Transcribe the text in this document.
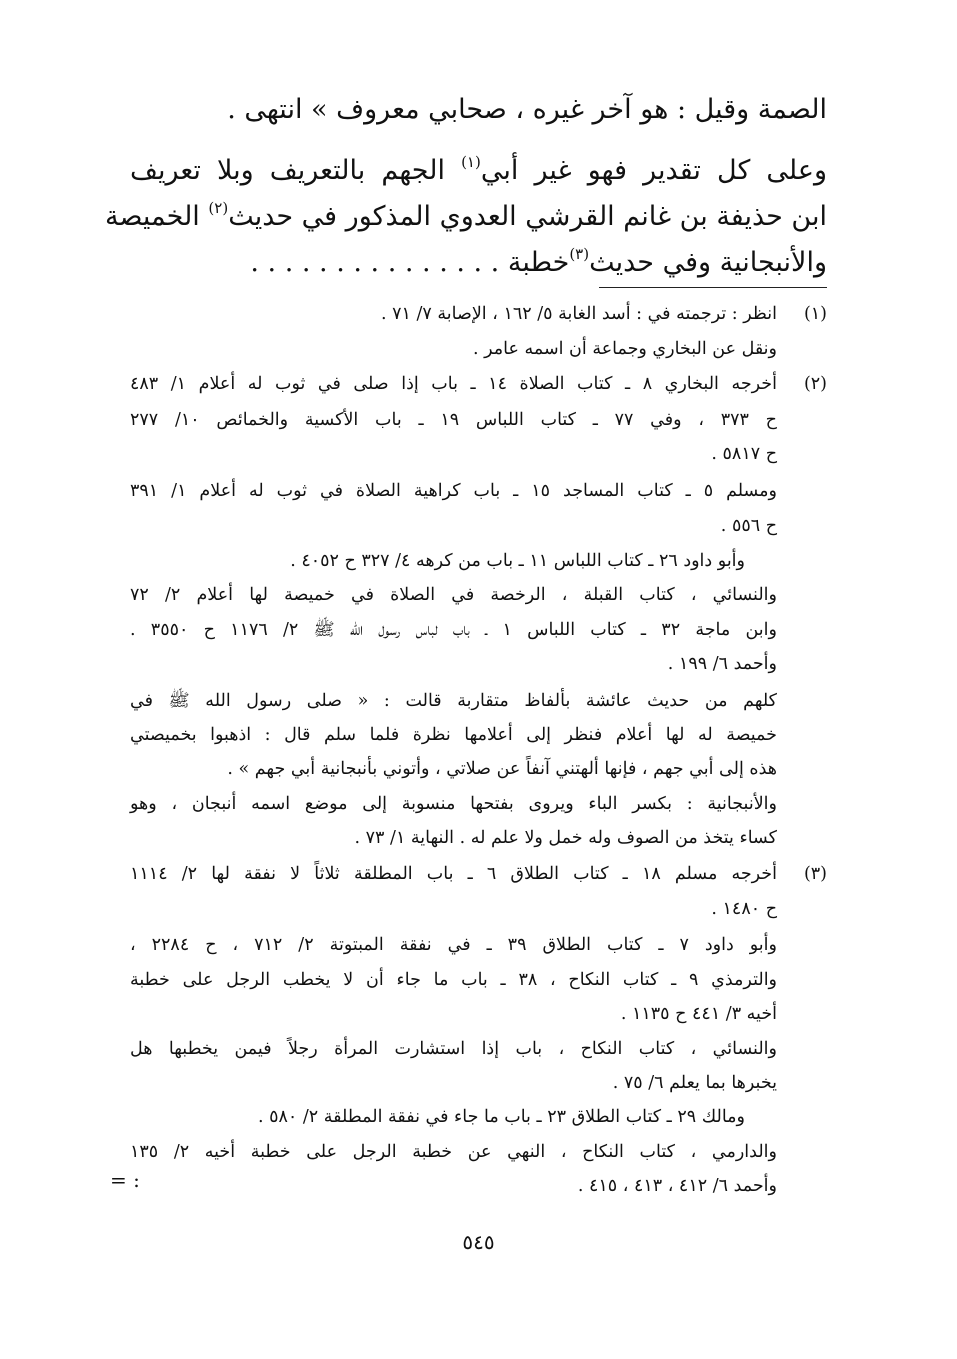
الصمة وقيل : هو آخر غيره ، صحابي معروف » انتهى .
وعلى كل تقدير فهو غير أبي$^{(١)}$ الجهم بالتعريف وبلا تعريف
ابن حذيفة بن غانم القرشي العدوي المذكور في حديث$^{(٢)}$ الخميصة
والأنبجانية وفي حديث$^{(٣)}$خطبة . . . . . . . . . . . . . . .
(١)
انظر : ترجمته في : أسد الغابة ٥/ ١٦٢ ، الإصابة ٧/ ٧١ .
ونقل عن البخاري وجماعة أن اسمه عامر .
(٢)
أخرجه البخاري ٨ ـ كتاب الصلاة ١٤ ـ باب إذا صلى في ثوب له أعلام ١/ ٤٨٣
ح ٣٧٣ ، وفي ٧٧ ـ كتاب اللباس ١٩ ـ باب الأكسية والخمائص ١٠/ ٢٧٧
ح ٥٨١٧ .
ومسلم ٥ ـ كتاب المساجد ١٥ ـ باب كراهية الصلاة في ثوب له أعلام ١/ ٣٩١
ح ٥٥٦ .
وأبو داود ٢٦ ـ كتاب اللباس ١١ ـ باب من كرهه ٤/ ٣٢٧ ح ٤٠٥٢ .
والنسائي ، كتاب القبلة ، الرخصة في الصلاة في خميصة لها أعلام ٢/ ٧٢
وابن ماجة ٣٢ ـ كتاب اللباس ١ ـ باب لباس رسول الله ﷺ ٢/ ١١٧٦ ح ٣٥٥٠ .
وأحمد ٦/ ١٩٩ .
كلهم من حديث عائشة بألفاظ متقاربة قالت : « صلى رسول الله ﷺ في
خميصة له لها أعلام فنظر إلى أعلامها نظرة فلما سلم قال : اذهبوا بخميصتي
هذه إلى أبي جهم ، فإنها ألهتني آنفاً عن صلاتي ، وأتوني بأنبجانية أبي جهم » .
والأنبجانية : بكسر الباء ويروى بفتحها منسوبة إلى موضع اسمه أنبجان ، وهو
كساء يتخذ من الصوف وله خمل ولا علم له . النهاية ١/ ٧٣ .
(٣)
أخرجه مسلم ١٨ ـ كتاب الطلاق ٦ ـ باب المطلقة ثلاثاً لا نفقة لها ٢/ ١١١٤
ح ١٤٨٠ .
وأبو داود ٧ ـ كتاب الطلاق ٣٩ ـ في نفقة المبتوتة ٢/ ٧١٢ ، ح ٢٢٨٤ ،
والترمذي ٩ ـ كتاب النكاح ، ٣٨ ـ باب ما جاء أن لا يخطب الرجل على خطبة
أخيه ٣/ ٤٤١ ح ١١٣٥ .
والنسائي ، كتاب النكاح ، باب إذا استشارت المرأة رجلاً فيمن يخطبها هل
يخبرها بما يعلم ٦/ ٧٥ .
ومالك ٢٩ ـ كتاب الطلاق ٢٣ ـ باب ما جاء في نفقة المطلقة ٢/ ٥٨٠ .
والدارمي ، كتاب النكاح ، النهي عن خطبة الرجل على خطبة أخيه ٢/ ١٣٥
وأحمد ٦/ ٤١٢ ، ٤١٣ ، ٤١٥ .
= :
٥٤٥
